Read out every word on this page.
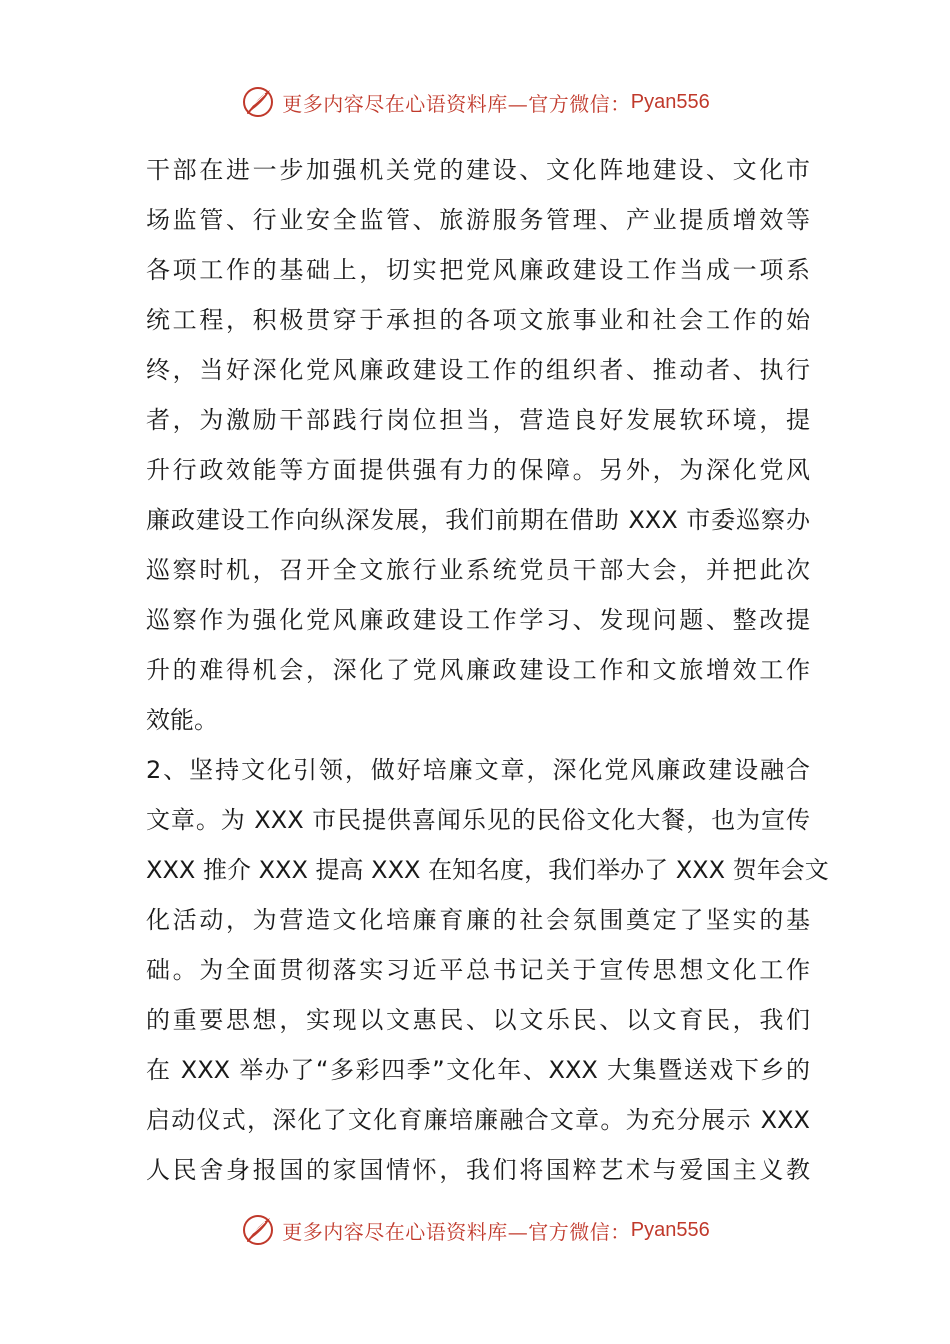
更多内容尽在心语资料库—官方微信： Pyan556
干部在进一步加强机关党的建设、文化阵地建设、文化市
场监管、行业安全监管、旅游服务管理、产业提质增效等
各项工作的基础上，切实把党风廉政建设工作当成一项系
统工程，积极贯穿于承担的各项文旅事业和社会工作的始
终，当好深化党风廉政建设工作的组织者、推动者、执行
者，为激励干部践行岗位担当，营造良好发展软环境，提
升行政效能等方面提供强有力的保障。另外，为深化党风
廉政建设工作向纵深发展，我们前期在借助 XXX 市委巡察办
巡察时机，召开全文旅行业系统党员干部大会，并把此次
巡察作为强化党风廉政建设工作学习、发现问题、整改提
升的难得机会，深化了党风廉政建设工作和文旅增效工作
效能。
2、坚持文化引领，做好培廉文章，深化党风廉政建设融合
文章。为 XXX 市民提供喜闻乐见的民俗文化大餐，也为宣传
XXX 推介 XXX 提高 XXX 在知名度，我们举办了 XXX 贺年会文
化活动，为营造文化培廉育廉的社会氛围奠定了坚实的基
础。为全面贯彻落实习近平总书记关于宣传思想文化工作
的重要思想，实现以文惠民、以文乐民、以文育民，我们
在 XXX 举办了“多彩四季”文化年、XXX 大集暨送戏下乡的
启动仪式，深化了文化育廉培廉融合文章。为充分展示 XXX
人民舍身报国的家国情怀，我们将国粹艺术与爱国主义教
更多内容尽在心语资料库—官方微信： Pyan556
